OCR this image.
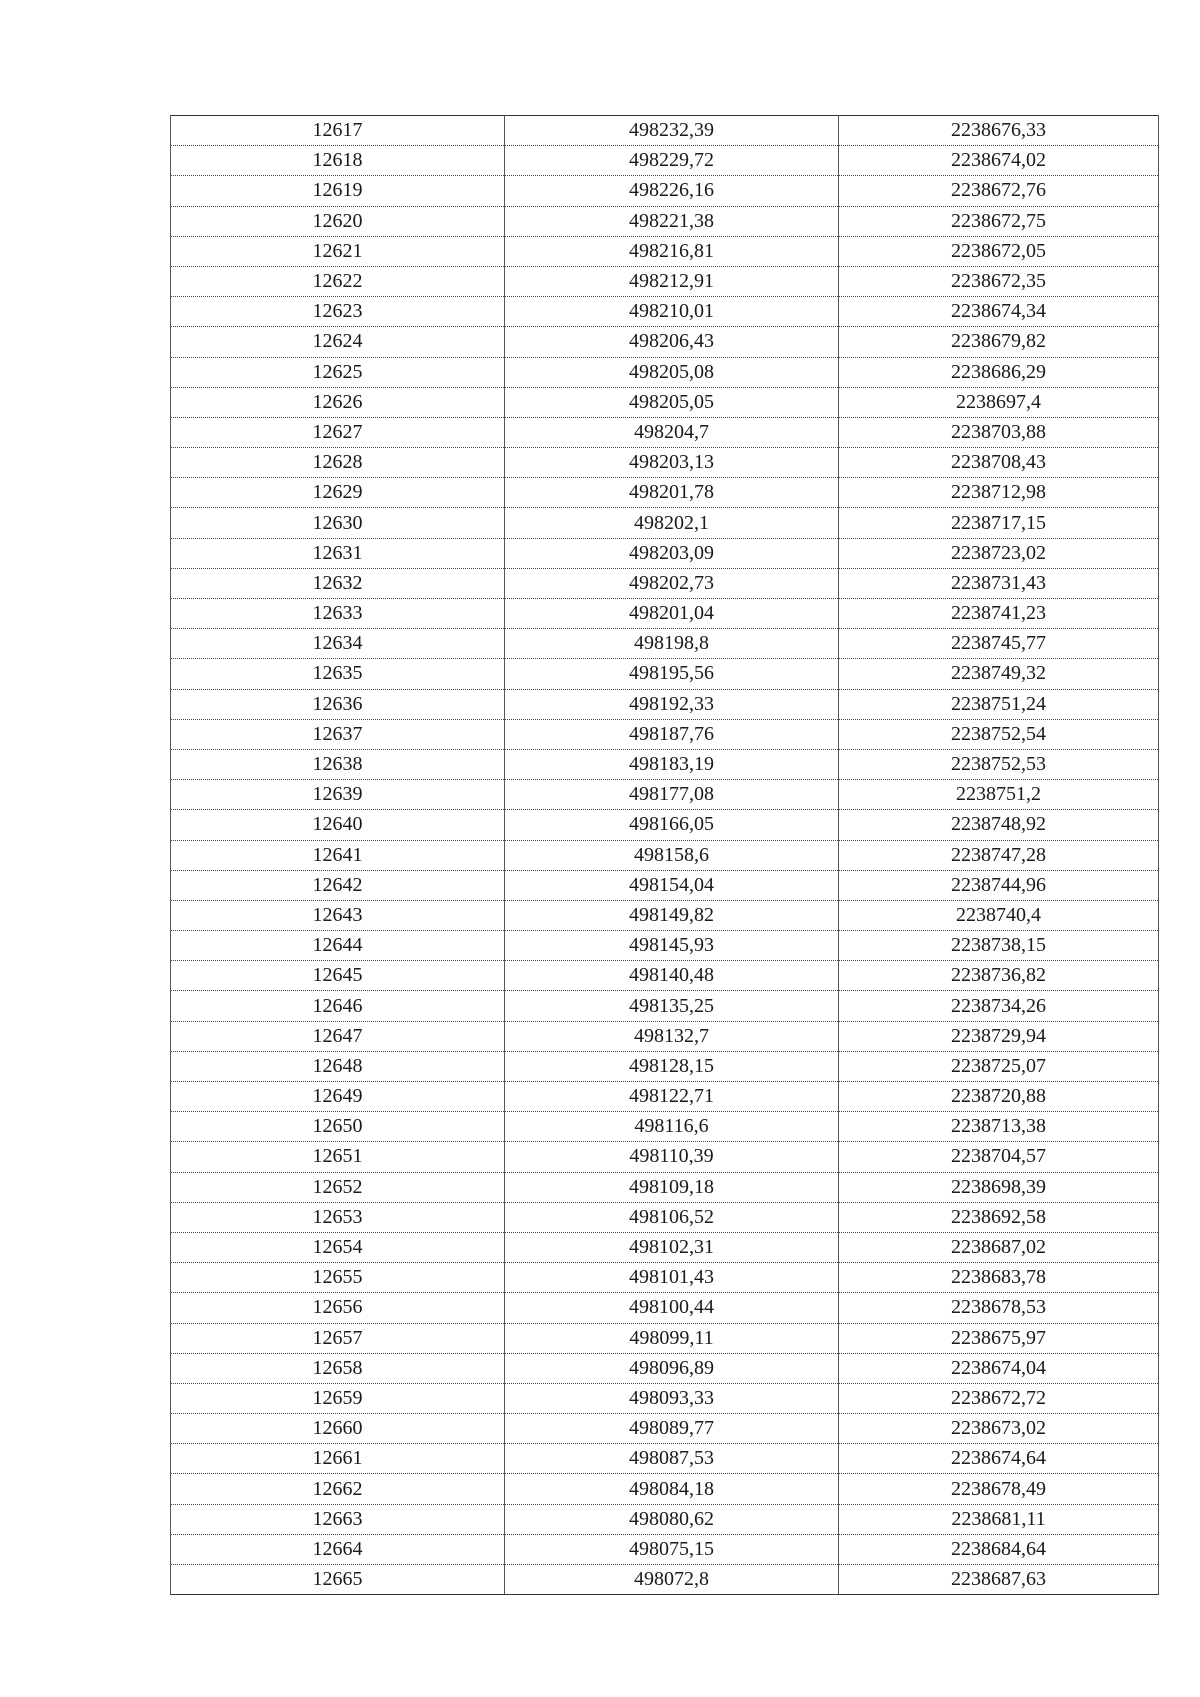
12617	498232,39	2238676,33
12618	498229,72	2238674,02
12619	498226,16	2238672,76
12620	498221,38	2238672,75
12621	498216,81	2238672,05
12622	498212,91	2238672,35
12623	498210,01	2238674,34
12624	498206,43	2238679,82
12625	498205,08	2238686,29
12626	498205,05	2238697,4
12627	498204,7	2238703,88
12628	498203,13	2238708,43
12629	498201,78	2238712,98
12630	498202,1	2238717,15
12631	498203,09	2238723,02
12632	498202,73	2238731,43
12633	498201,04	2238741,23
12634	498198,8	2238745,77
12635	498195,56	2238749,32
12636	498192,33	2238751,24
12637	498187,76	2238752,54
12638	498183,19	2238752,53
12639	498177,08	2238751,2
12640	498166,05	2238748,92
12641	498158,6	2238747,28
12642	498154,04	2238744,96
12643	498149,82	2238740,4
12644	498145,93	2238738,15
12645	498140,48	2238736,82
12646	498135,25	2238734,26
12647	498132,7	2238729,94
12648	498128,15	2238725,07
12649	498122,71	2238720,88
12650	498116,6	2238713,38
12651	498110,39	2238704,57
12652	498109,18	2238698,39
12653	498106,52	2238692,58
12654	498102,31	2238687,02
12655	498101,43	2238683,78
12656	498100,44	2238678,53
12657	498099,11	2238675,97
12658	498096,89	2238674,04
12659	498093,33	2238672,72
12660	498089,77	2238673,02
12661	498087,53	2238674,64
12662	498084,18	2238678,49
12663	498080,62	2238681,11
12664	498075,15	2238684,64
12665	498072,8	2238687,63
